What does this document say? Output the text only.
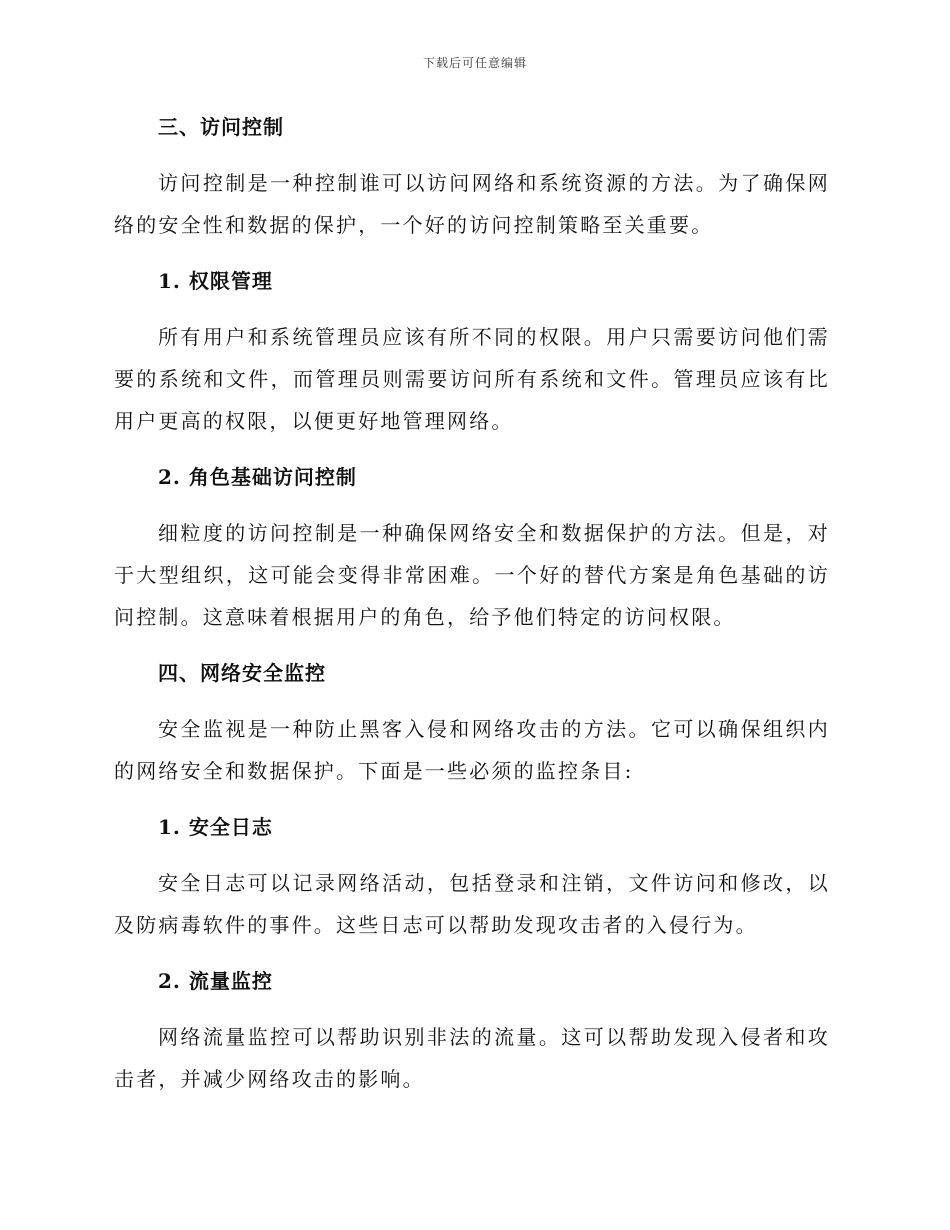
下载后可任意编辑
三、访问控制

访问控制是一种控制谁可以访问网络和系统资源的方法。为了确保网络的安全性和数据的保护，一个好的访问控制策略至关重要。

1. 权限管理

所有用户和系统管理员应该有所不同的权限。用户只需要访问他们需要的系统和文件，而管理员则需要访问所有系统和文件。管理员应该有比用户更高的权限，以便更好地管理网络。

2. 角色基础访问控制

细粒度的访问控制是一种确保网络安全和数据保护的方法。但是，对于大型组织，这可能会变得非常困难。一个好的替代方案是角色基础的访问控制。这意味着根据用户的角色，给予他们特定的访问权限。

四、网络安全监控

安全监视是一种防止黑客入侵和网络攻击的方法。它可以确保组织内的网络安全和数据保护。下面是一些必须的监控条目:

1. 安全日志

安全日志可以记录网络活动，包括登录和注销，文件访问和修改，以及防病毒软件的事件。这些日志可以帮助发现攻击者的入侵行为。

2. 流量监控

网络流量监控可以帮助识别非法的流量。这可以帮助发现入侵者和攻击者，并减少网络攻击的影响。
